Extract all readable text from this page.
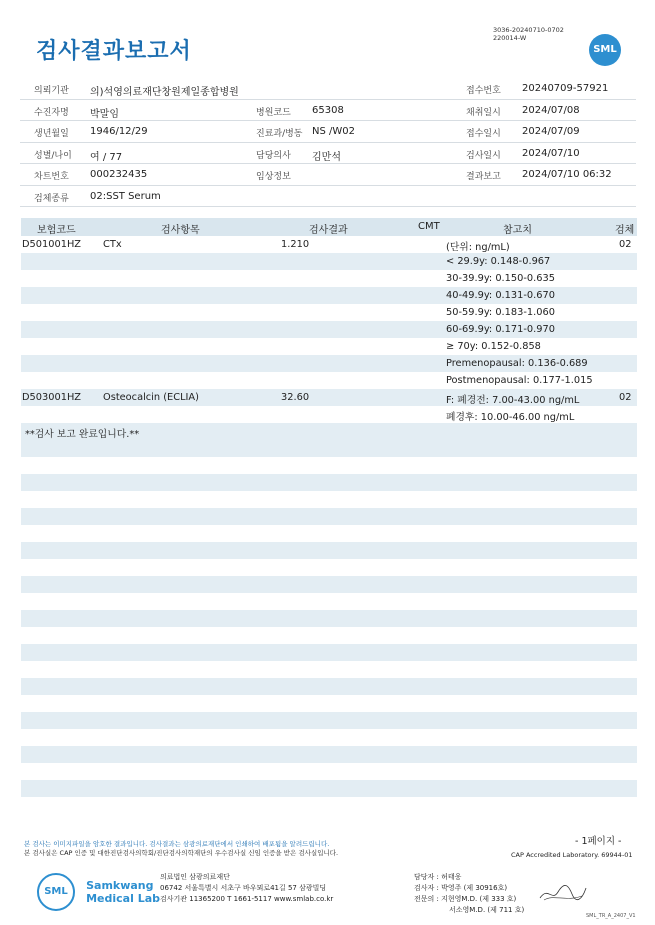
검사결과보고서
3036-20240710-0702
220014-W
SML
의뢰기관 의)석영의료재단창원제일종합병원	접수번호 20240709-57921
수진자명 박말임	병원코드 65308	채취일시 2024/07/08
생년월일 1946/12/29	진료과/병동 NS /W02	접수일시 2024/07/09
성별/나이 여 / 77	담당의사 김만석	검사일시 2024/07/10
차트번호 000232435	임상정보	결과보고 2024/07/10 06:32
검체종류 02:SST Serum
보험코드	검사항목	검사결과	CMT	참고치	검체
D501001HZ CTx	1.210	(단위: ng/mL)	02
< 29.9y: 0.148-0.967
30-39.9y: 0.150-0.635
40-49.9y: 0.131-0.670
50-59.9y: 0.183-1.060
60-69.9y: 0.171-0.970
≥ 70y: 0.152-0.858
Premenopausal: 0.136-0.689
Postmenopausal: 0.177-1.015
D503001HZ Osteocalcin (ECLIA)	32.60	F: 폐경전: 7.00-43.00 ng/mL	02
폐경후: 10.00-46.00 ng/mL
**검사 보고 완료입니다.**
- 1페이지 -
본 검사는 이미지파일을 암호한 결과입니다. 검사결과는 삼광의료재단에서 인쇄하여 배포됨을 알려드립니다.
본 검사실은 CAP 인증 및 대한진단검사의학회/진단검사의학재단의 우수검사실 신임 인증을 받은 검사실입니다.	CAP Accredited Laboratory. 69944-01
SML Samkwang
Medical Lab
의료법인 삼광의료재단
06742 서울특별시 서초구 바우뫼로41길 57 삼광빌딩
검사기관 11365200 T 1661-5117 www.smlab.co.kr
담당자 : 허태웅
검사자 : 박영주 (제 30916호)
전문의 : 지현영M.D. (제 333 호)
서소영M.D. (제 711 호)
SML_TR_A_2407_V1
